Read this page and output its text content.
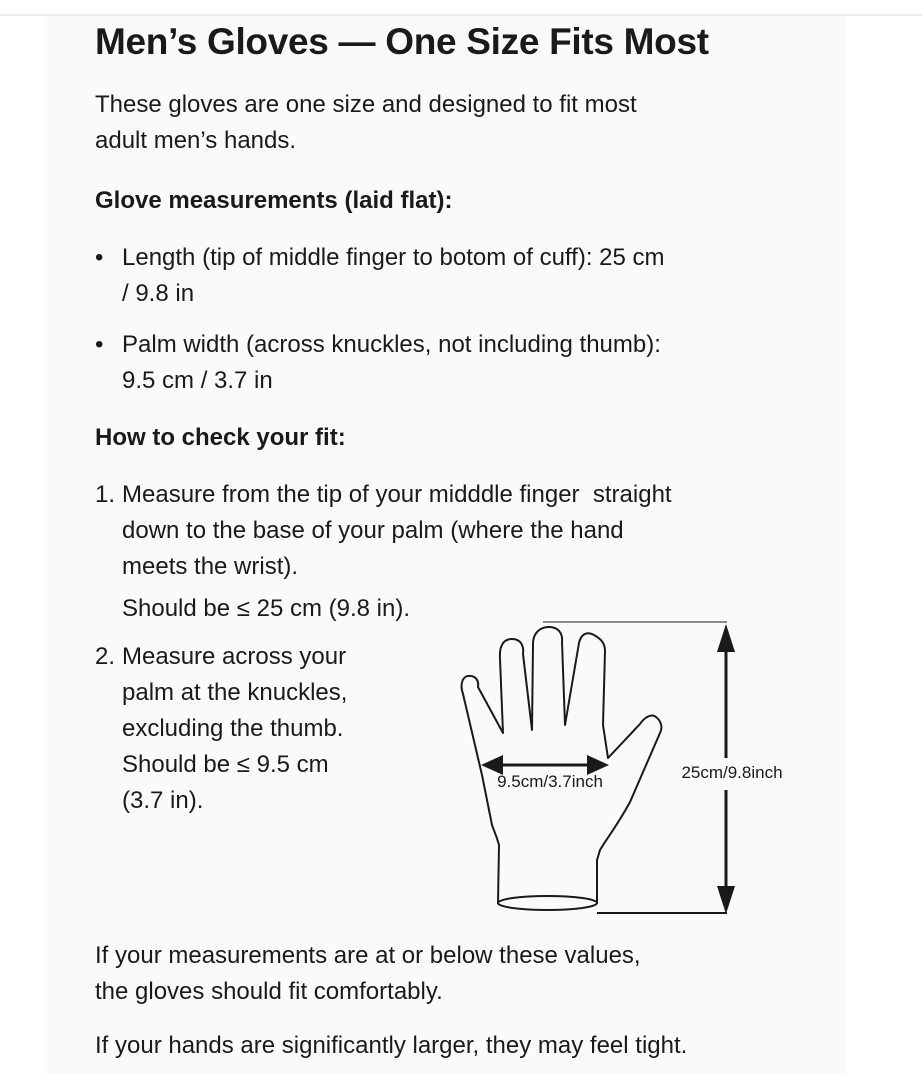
Men’s Gloves — One Size Fits Most

These gloves are one size and designed to fit most
adult men’s hands.

Glove measurements (laid flat):
• Length (tip of middle finger to botom of cuff): 25 cm
/ 9.8 in
• Palm width (across knuckles, not including thumb):
9.5 cm / 3.7 in
How to check your fit:
1. Measure from the tip of your midddle finger  straight
down to the base of your palm (where the hand
meets the wrist).
Should be ≤ 25 cm (9.8 in).
2. Measure across your
palm at the knuckles,
excluding the thumb.
Should be ≤ 9.5 cm
(3.7 in).
9.5cm/3.7inch	25cm/9.8inch

If your measurements are at or below these values,
the gloves should fit comfortably.

If your hands are significantly larger, they may feel tight.
